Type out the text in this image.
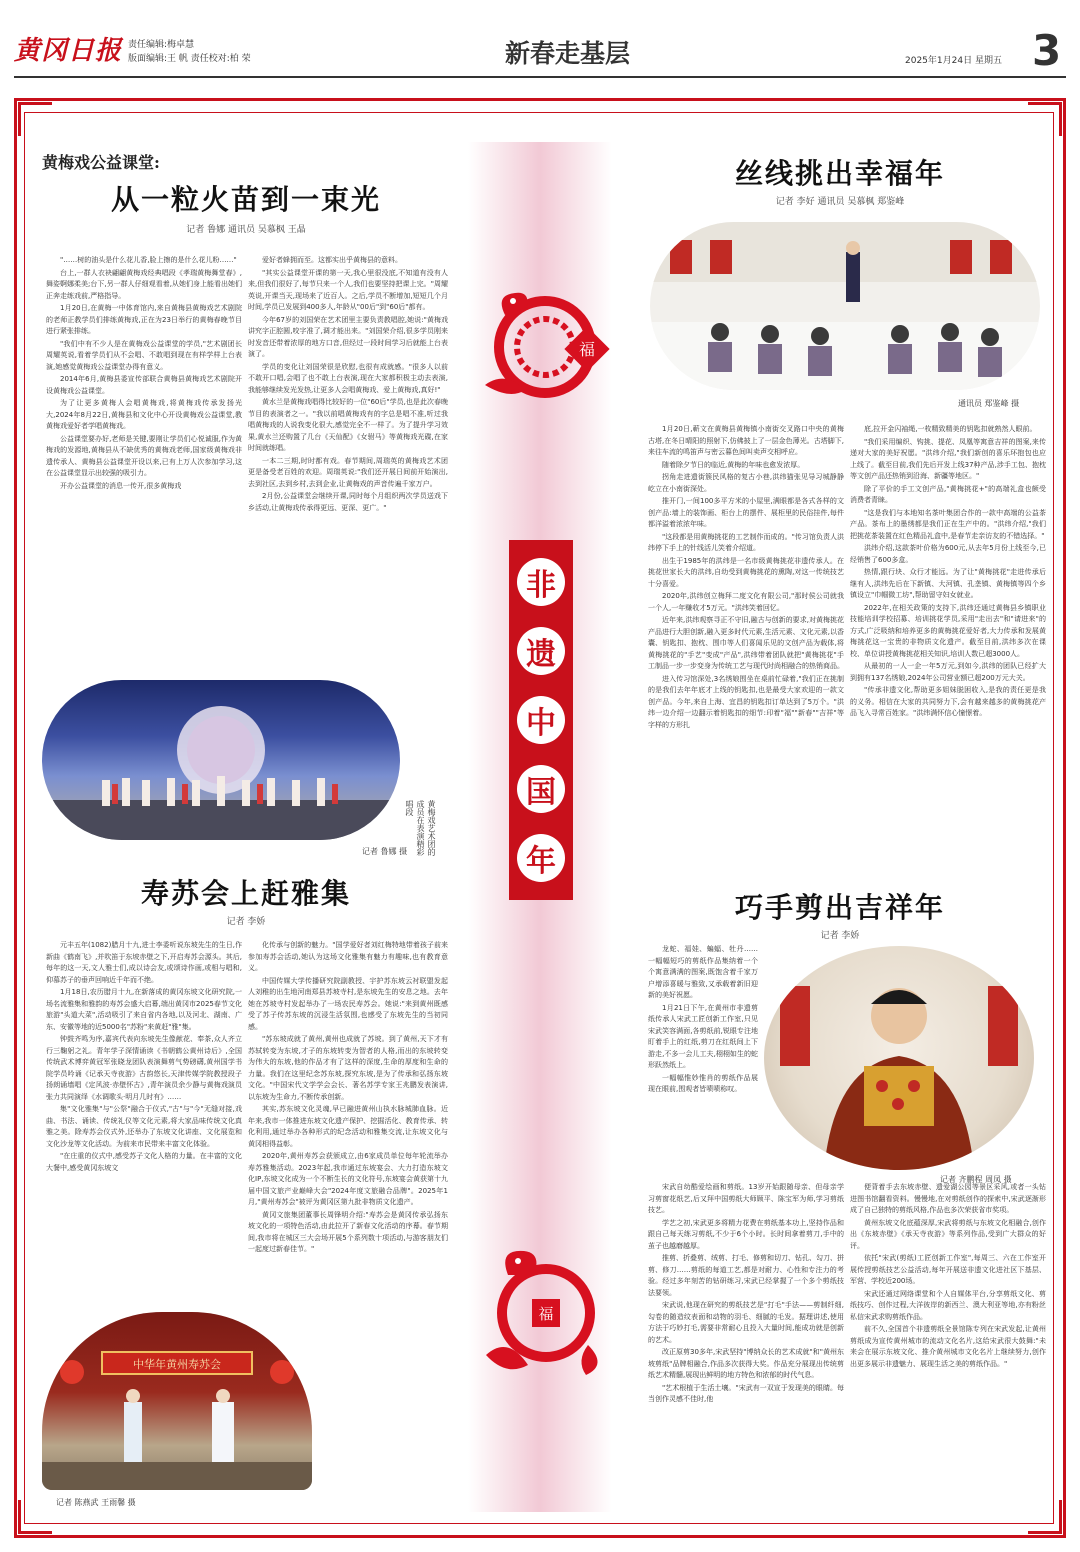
黄冈日报 责任编辑:梅卓慧
版面编辑:王 帆 责任校对:柏 荣	新春走基层	2025年1月24日 星期五 3
福
非
遗
中
国
年
福
黄梅戏公益课堂:
从一粒火苗到一束光
记者 鲁娜 通讯员 吴慕枫 王晶

"……树的油头是什么花儿香,脸上擦的是什么花儿粉……"

台上,一群人衣袂翩翩黄梅戏经典唱段《孝瑞黄梅舞堂春》,舞姿婀娜柔美;台下,另一群人仔细观看着,从她们身上能看出她们正奔走练戏前,严格指导。

1月20日,在黄梅一中体育馆内,来自黄梅县黄梅戏艺术剧院的老师正教学员们排练黄梅戏,正在为23日举行的黄梅春晚节目进行紧张排练。

"我们中有不少人是在黄梅戏公益课堂的学员,"艺术剧团长周耀英说,看着学员们从不会唱、不敢唱到现在有样学样上台表演,她感觉黄梅戏公益课堂办得有意义。

2014年6月,黄梅县委宣传部联合黄梅县黄梅戏艺术剧院开设黄梅戏公益课堂。

为了让更多黄梅人会唱黄梅戏,将黄梅戏传承发扬光大,2024年8月22日,黄梅县和文化中心开设黄梅戏公益课堂,教黄梅戏爱好者学唱黄梅戏。

公益课堂要办好,老师是关键,要刚让学员们心悦诚服,作为黄梅戏的发源地,黄梅县从不缺优秀的黄梅戏老师,国家级黄梅戏非遗传承人、黄梅县公益课堂开设以来,已有上万人次参加学习,这在公益课堂显示出较强的吸引力。

开办公益课堂的消息一传开,很多黄梅戏

爱好者蜂拥而至。这都实出乎黄梅县的意料。

"其实公益课堂开课的第一天,我心里很没底,不知道有没有人来,但我们很好了,每节只来一个人,我们也要坚持把课上完。"周耀英说,开课当天,现场来了近百人。之后,学员不断增加,短短几个月时间,学员已发展到400多人,年龄从"00后"到"60后"都有。

今年67岁的刘国荣在艺术团里主要负责教唱腔,她说:"黄梅戏讲究字正腔圆,咬字准了,调才能出来。"刘国荣介绍,很多学员刚来时发音还带着浓厚的地方口音,但经过一段时间学习后就能上台表演了。

学员的变化让刘国荣很是欣慰,也很有成就感。"很多人以前不敢开口唱,会唱了也不敢上台表演,现在大家都积极主动去表演,我能够继续发光发热,让更多人会唱黄梅戏、爱上黄梅戏,真好!"

黄水兰是黄梅戏唱得比较好的一位"60后"学员,也是此次春晚节目的表演者之一。"我以前唱黄梅戏有的字总是唱不准,听过我唱黄梅戏的人说我变化很大,感觉完全不一样了。为了提升学习效果,黄水兰还购置了几台《天仙配》《女驸马》等黄梅戏光碟,在家时间就练唱。

一本二三期,时时都有戏。春节期间,周瑞英的黄梅戏艺术团更是备受老百姓的欢迎。周瑞英说:"我们还开展日间前开始演出,去到社区,去到乡村,去到企业,让黄梅戏的声音传遍千家万户。

2月份,公益课堂会继续开课,同时每个月组织两次学员送戏下乡活动,让黄梅戏传承得更远、更深、更广。"

黄梅戏艺术团的成员在表演精彩唱段
记者 鲁娜 摄
寿苏会上赶雅集
记者 李娇

元丰五年(1082)腊月十九,进士李委听说东坡先生的生日,作新曲《鹤南飞》,并吹笛于东坡赤壁之下,开启寿苏会源头。其后,每年的这一天,文人雅士们,成以诗会友,或颂诗作画,或相与唱和,仰慕苏子的垂声回响近千年而不绝。

1月18日,农历腊月十九,在新落成的黄冈东坡文化研究院,一场名流雅集和雅韵的寿苏会盛大启幕,端出黄冈市2025春节文化旅游"头道大菜",活动吸引了来自省内各地,以及河北、湖南、广东、安徽等地的近5000名"苏粉"来黄赶"雅"集。

钟鼓齐鸣为序,嘉宾代表向东坡先生像献花、奉茶,众人齐立行三鞠躬之礼。青年学子深情诵读《书朝鹤公黄州诗后》,全国传统武术博弈黄冠军张晓龙团队表演舞剪气势磅礴,黄州国学书院学员吟诵《记承天寺夜游》古韵悠长,天津传媒学院教授段子扬朗诵墙唱《定风波·赤壁怀古》,青年演员余少静与黄梅戏演员张力共同演绎《水调歌头·明月几时有》……

集"文化雅集"与"公祭"融合于仪式,"古"与"今"无缝对接,戏曲、书法、诵读、传统礼仪等文化元素,将大家品味传统文化真雅之美。除寿苏会仪式外,还举办了东坡文化讲座、文化展览和文化沙龙等文化活动。为前来市民带来丰富文化体验。

"在庄重的仪式中,感受苏子文化人格的力量。在丰富的文化大餐中,感受黄冈东坡文

化传承与创新的魅力。"国学爱好者刘红梅特地带着孩子前来参加寿苏会活动,她认为这场文化雅集有魅力有趣味,也有教育意义。

中国传媒大学传播研究院副教授、宇护苏东坡云衬联盟发起人刘稚的出生地河南郑县苏坡寺村,是东坡先生的安息之地。去年她在苏坡寺村发起举办了一场农民寿苏会。她说:"来到黄州既感受了苏子传苏东坡的沉浸生活氛围,也感受了东坡先生的当初同感。

"苏东坡成就了黄州,黄州也成就了苏坡。到了黄州,天下才有苏轼转变为东坡,才子的东坡转变为智者的人格,而出的东坡转变为伟大的东坡,他的作品才有了这样的深度,生命的厚度和生命的力量。我们在这里纪念苏东坡,探究东坡,是为了传承和弘扬东坡文化。"中国宋代文学学会会长、著名苏学专家王兆鹏发表演讲,以东坡为生命力,不断传承创新。

其实,苏东坡文化灵魂,早已融进黄州山执水脉城肺血脉。近年来,我市一体推进东坡文化遗产保护、挖掘活化、教育传承、转化利用,通过举办各种形式的纪念活动和雅集交流,让东坡文化与黄冈相得益彰。

2020年,黄州寿苏会获颁成立,由6家成员单位每年轮流举办寿苏雅集活动。2023年起,我市通过东坡宴会、大力打造东坡文化IP,东坡文化成为一个不断生长的文化符号,东坡宴会黄获第十九届中国文旅产业巅峰大会"2024年度文旅融合品牌"。2025年1月,"黄州寿苏会"被评为黄冈区第九批非物质文化遗产。

黄冈文旅集团董事长周锋明介绍:"寿苏会是黄冈传承弘扬东坡文化的一项特色活动,由此拉开了新春文化活动的序幕。春节期间,我市将在城区三大会场开展5个系列数十项活动,与游客朋友们一起度过新春佳节。"

中华年黄州寿苏会
记者 陈燕武 王雨馨 摄
丝线挑出幸福年
记者 李好 通讯员 吴慕枫 郑鉴峰
通讯员 郑鉴峰 摄

1月20日,蕲文在黄梅县黄梅镇小南街交叉路口中央的黄梅古塔,在冬日晴阳的照射下,仿佛披上了一层金色薄光。古塔脚下,来往车流的鸣笛声与密云暮色间叫卖声交相呼应。

随着除夕节日的临近,黄梅的年味也愈发浓厚。

拐角走进遗街簇民风格的复古小巷,洪纬猫张见导习城静静屹立在小南街深处。

推开门,一间100多平方米的小屋里,满眼都是各式各样的文创产品:墙上的装饰画、柜台上的摆件、展柜里的民俗挂件,每件都洋溢着浓浓年味。

"这段都是用黄梅挑花的工艺制作而成的。"传习馆负责人洪纬停下手上的针线活儿笑着介绍道。

出生于1985年的洪纬是一名市级黄梅挑花非遗传承人。在挑花世家长大的洪纬,自幼受到黄梅挑花的熏陶,对这一传统技艺十分喜爱。

2020年,洪纬创立梅拜二度文化有限公司,"那时侯公司就我一个人,一年赚收才5万元。"洪纬笑着回忆。

近年来,洪纬观察寻正不守旧,融古与创新的要求,对黄梅挑花产品进行大胆创新,融入更多时代元素,生活元素、文化元素,以香囊、钥匙扣、抱枕、围巾等人们喜闻乐见的文创产品为载体,将黄梅挑花的"手艺"变成"产品",洪纬带着团队就把"黄梅挑花"手工制品一步一步变身为传统工艺与现代时尚相融合的热销商品。

进入传习馆深处,3名绣娘围坐在桌前忙碌着,"我们正在挑制的是我们去年年底才上线的钥匙扣,也是最受大家欢迎的一款文创产品。今年,来自上海、宜昌的钥匙扣订单达到了5万个。"洪纬一边介绍一边翻示着钥匙扣的细节:印着"福""新春""吉祥"等字样的方形扎

底,拉开金闪袖绳,一枚精致精美的钥匙扣就熟然人眼前。

"我们采用编织、钩挑、提花、凤凰等寓意吉祥的图案,来传递对大家的美好祝愿。"洪纬介绍,"我们新创的喜乐环抱包也应上线了。截至目前,我们先后开发上线37种产品,涉手工包、抱枕等文创产品还热销到沿海、新疆等地区。"

除了平价的手工文创产品,"黄梅挑花+"的高端礼盒也颇受消费者青睐。

"这是我们与本地知名茶叶集团合作的一款中高端的公益茶产品。茶布上的墨绣都是我们正在生产中的。"洪纬介绍,"我们把挑花茶装置在红色精品礼盒中,是春节走亲访友的不错选择。"

洪纬介绍,这款茶叶价格为600元,从去年5月份上线至今,已经销售了600多盒。

热情,跟行块、众行才能远。为了让"黄梅挑花"走进传承后继有人,洪纬先后在下新镇、大河镇、孔垄镇、黄梅镇等四个乡镇设立"巾帼微工坊",帮助留守妇女就业。

2022年,在相关政策的支持下,洪纬还通过黄梅县乡镇职业技能培训学校招募、培训挑花学员,采用"走出去"和"请进来"的方式,广泛吸纳和培养更多的黄梅挑花爱好者,大力传承和发展黄梅挑花这一宝贵的非物质文化遗产。截至目前,洪纬多次在课校、单位讲授黄梅挑花相关知识,培训人数已超3000人。

从最初的一人一企一年5万元,到如今,洪纬的团队已经扩大到拥有137名绣娘,2024年公司营业额已超200万元大关。

"传承非遗文化,帮助更多姐妹脱困收入,是我的责任更是我的义务。相信在大家的共同努力下,会有越来越多的黄梅挑花产品飞入寻常百姓家。"洪纬满怀信心憧憬着。

巧手剪出吉祥年
记者 李娇

龙蛇、福娃、蝙蝠、牡丹……一幅幅短巧的剪纸作品集纳着一个个寓意满满的图案,既饱含着千家万户增添喜暖与雅致,又承载着新旧迎新的美好祝愿。

1月21日下午,在黄州市非遗剪纸传承人宋武工匠创新工作室,只见宋武笑容满面,各剪纸前,锐眼专注地盯着手上的红纸,剪刀在红纸间上下游走,不多一会儿工夫,栩栩如生的蛇形跃然纸上。

一幅幅惟妙惟肖的剪纸作品展现在眼前,围观者皆啧啧称叹。

记者 齐鹏程 周凤 摄

宋武自幼酷爱绘画和剪纸。13岁开始跟随母亲、但母亲学习剪窗花纸艺,后又拜中国剪纸大师顾平、陈宝军为师,学习剪纸技艺。

学艺之初,宋武更多将精力花费在剪纸基本功上,坚持作品和跟自己每天练习剪纸,不少于6个小时。长时间拿着剪刀,手中的茧子也越磨越厚。

推剪、折叠剪、绒剪、打毛、修剪和切刀、钻孔、勾刀、拼剪、修刀……剪纸的每道工艺,都是对耐力、心性和专注力的考验。经过多年刻苦的钻研练习,宋武已经掌握了一个多个剪纸技法要领。

宋武说,他现在研究的剪纸技艺是"打毛"手法——剪制纤细,勾卷的随造纹表面和动物的羽毛、细腻的毛发。据理讲述,使用方法于巧妙打毛,需要非常耐心且投入大量时间,能成功就是创新的艺术。

改正原剪30多年,宋武坚持"博纳众长的艺术成就"和"黄州东坡剪纸"品牌相融合,作品多次获得大奖。作品充分展现出传统剪纸艺术精髓,展现出鲜明的地方特色和浓郁的时代气息。

"艺术根植于生活土壤。"宋武有一双宣于发现美的眼睛。每当创作灵感不佳时,他

便背着手去东坡赤壁、遗爱湖公园等景区采风,或者一头钻进图书馆翻看资料。慢慢地,在对剪纸创作的探索中,宋武逐渐形成了自己独特的剪纸风格,作品也多次荣获省市奖项。

黄州东坡文化底蕴深厚,宋武将剪纸与东坡文化相融合,创作出《东坡赤壁》《承天寺夜游》等系列作品,受到广大群众的好评。

依托"宋武(剪纸)工匠创新工作室",每周三、六在工作室开展传授剪纸技艺公益活动,每年开展送非遗文化进社区下基层、军营、学校近200场。

宋武还通过网络课堂和个人自媒体平台,分享剪纸文化、剪纸技巧、创作过程,大洋彼岸的新西兰、澳大利亚等地,亦有粉丝私信宋武求购剪纸作品。

前不久,全国首个非遗剪纸全景馆陈专列在宋武发起,让黄州剪纸成为宣传黄州城市的流动文化名片,这给宋武很大鼓舞:"未来会在展示东坡文化、推介黄州城市文化名片上继续努力,创作出更多展示非遗魅力、展现生活之美的剪纸作品。"
